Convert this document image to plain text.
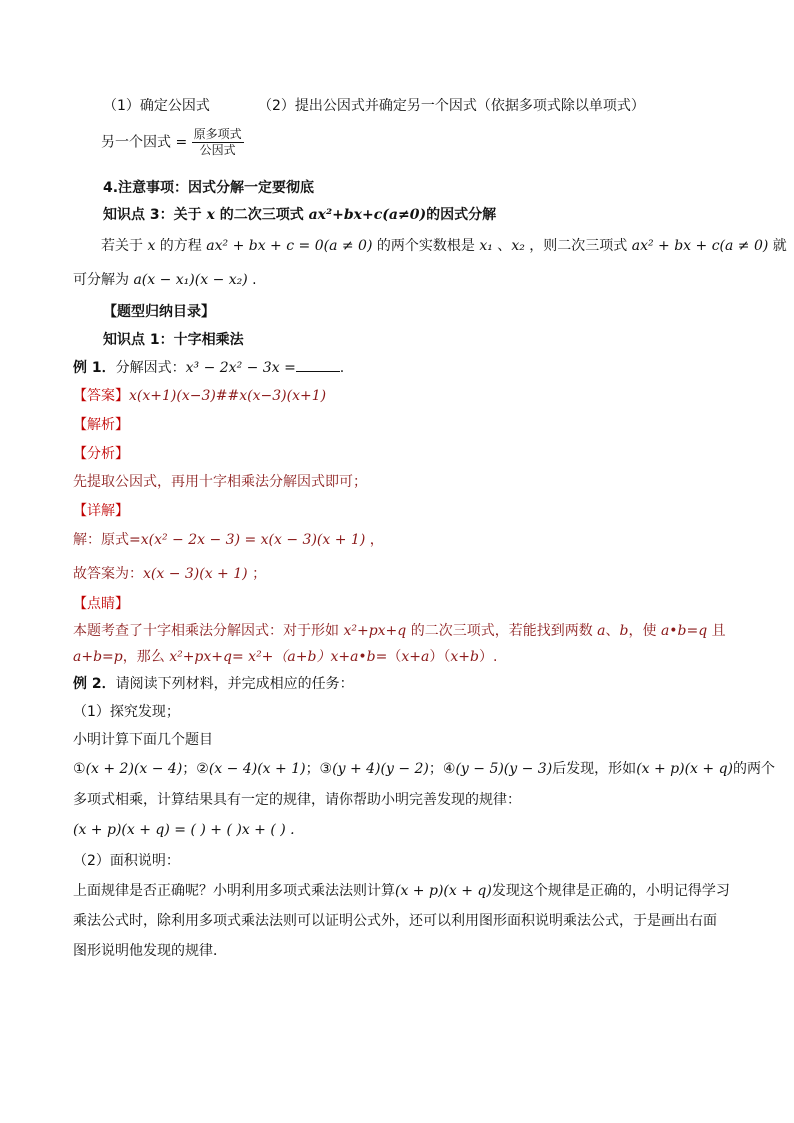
（1）确定公因式	（2）提出公因式并确定另一个因式（依据多项式除以单项式）
另一个因式 = $\frac{\text{原多项式}}{\text{公因式}}$
4.注意事项：因式分解一定要彻底
知识点 3：关于 x 的二次三项式 ax²+bx+c(a≠0)的因式分解
若关于 x 的方程 ax² + bx + c = 0(a ≠ 0) 的两个实数根是 x₁ 、x₂ ，则二次三项式 ax² + bx + c(a ≠ 0) 就
可分解为 a(x − x₁)(x − x₂) .
【题型归纳目录】
知识点 1：十字相乘法
例 1．分解因式：x³ − 2x² − 3x =	.
【答案】x(x+1)(x−3)##x(x−3)(x+1)
【解析】
【分析】
先提取公因式，再用十字相乘法分解因式即可；
【详解】
解：原式=x(x² − 2x − 3) = x(x − 3)(x + 1) ，
故答案为：x(x − 3)(x + 1) ；
【点睛】
本题考查了十字相乘法分解因式：对于形如 x²+px+q 的二次三项式，若能找到两数 a、b，使 a•b=q 且
a+b=p，那么 x²+px+q= x²+（a+b）x+a•b=（x+a）（x+b）.
例 2．请阅读下列材料，并完成相应的任务：
（1）探究发现；
小明计算下面几个题目
①(x + 2)(x − 4)；②(x − 4)(x + 1)；③(y + 4)(y − 2)；④(y − 5)(y − 3)后发现，形如(x + p)(x + q)的两个
多项式相乘，计算结果具有一定的规律，请你帮助小明完善发现的规律：
(x + p)(x + q) = ( ) + ( )x + ( ) .
（2）面积说明：
上面规律是否正确呢？小明利用多项式乘法法则计算(x + p)(x + q)发现这个规律是正确的，小明记得学习
乘法公式时，除利用多项式乘法法则可以证明公式外，还可以利用图形面积说明乘法公式，于是画出右面
图形说明他发现的规律．
